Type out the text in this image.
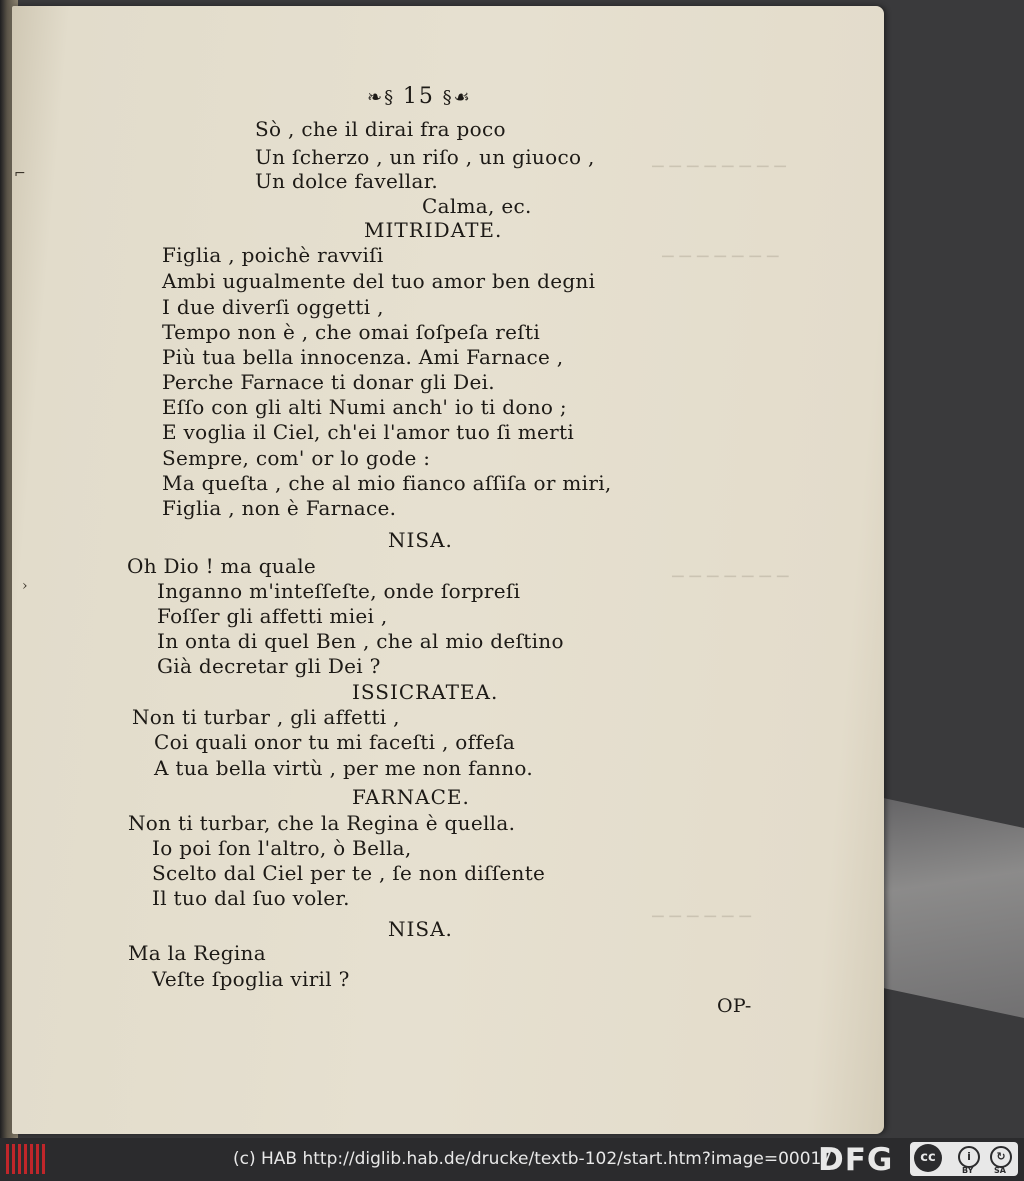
─ ─ ─ ─ ─ ─ ─ ─
─ ─ ─ ─ ─ ─ ─
─ ─ ─ ─ ─ ─ ─
─ ─ ─ ─ ─ ─
❧§ 15 §☙
Sò , che il dirai fra poco
Un ſcherzo , un riſo , un giuoco ,
Un dolce favellar.
Calma, ec.
MITRIDATE.
Figlia , poichè ravviſi
Ambi ugualmente del tuo amor ben degni
I due diverſi oggetti ,
Tempo non è , che omai ſoſpeſa reſti
Più tua bella innocenza. Ami Farnace ,
Perche Farnace ti donar gli Dei.
Eſſo con gli alti Numi anch' io ti dono ;
E voglia il Ciel, ch'ei l'amor tuo ſi merti
Sempre, com' or lo gode :
Ma queſta , che al mio fianco aſſiſa or miri,
Figlia , non è Farnace.
NISA.
Oh Dio ! ma quale
Inganno m'inteſſeſte, onde ſorpreſi
Foſſer gli affetti miei ,
In onta di quel Ben , che al mio deſtino
Già decretar gli Dei ?
ISSICRATEA.
Non ti turbar , gli affetti ,
Coi quali onor tu mi faceſti , offeſa
A tua bella virtù , per me non fanno.
FARNACE.
Non ti turbar, che la Regina è quella.
Io poi ſon l'altro, ò Bella,
Scelto dal Ciel per te , ſe non diſſente
Il tuo dal ſuo voler.
NISA.
Ma la Regina
Veſte ſpoglia viril ?
OP-
⌐
›
(c) HAB http://diglib.hab.de/drucke/textb-102/start.htm?image=00017
DFG	cc	i	↻
BY	SA
